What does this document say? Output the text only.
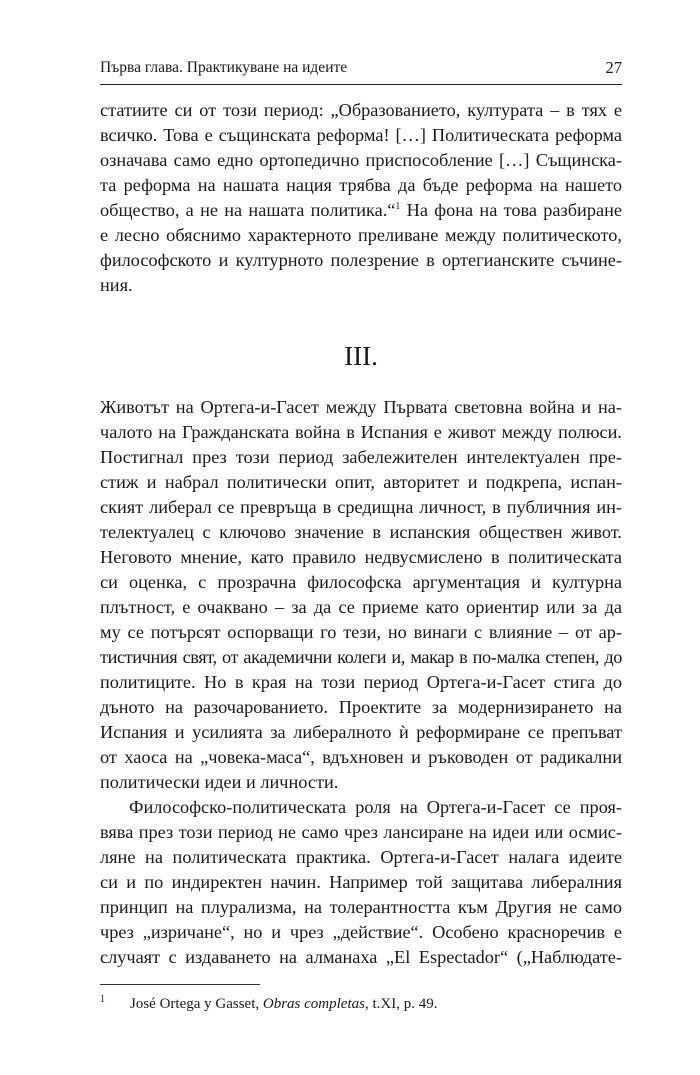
Първа глава. Практикуване на идеите	27
статиите си от този период: „Образованието, културата – в тях е
всичко. Това е същинската реформа! […] Политическата реформа
означава само едно ортопедично приспособление […] Същинска-
та реформа на нашата нация трябва да бъде реформа на нашето
общество, а не на нашата политика.“$^1$ На фона на това разбиране
е лесно обяснимо характерното преливане между политическото,
философското и културното полезрение в ортегианските съчине-
ния.
III.
Животът на Ортега-и-Гасет между Първата световна война и на-
чалото на Гражданската война в Испания е живот между полюси.
Постигнал през този период забележителен интелектуален пре-
стиж и набрал политически опит, авторитет и подкрепа, испан-
ският либерал се превръща в средищна личност, в публичния ин-
телектуалец с ключово значение в испанския обществен живот.
Неговото мнение, като правило недвусмислено в политическата
си оценка, с прозрачна философска аргументация и културна
плътност, е очаквано – за да се приеме като ориентир или за да
му се потърсят оспорващи го тези, но винаги с влияние – от ар-
тистичния свят, от академични колеги и, макар в по-малка степен, до
политиците. Но в края на този период Ортега-и-Гасет стига до
дъното на разочарованието. Проектите за модернизирането на
Испания и усилията за либералното ѝ реформиране се препъват
от хаоса на „човека-маса“, вдъхновен и ръководен от радикални
политически идеи и личности.
Философско-политическата роля на Ортега-и-Гасет се проя-
вява през този период не само чрез лансиране на идеи или осмис-
ляне на политическата практика. Ортега-и-Гасет налага идеите
си и по индиректен начин. Например той защитава либералния
принцип на плурализма, на толерантността към Другия не само
чрез „изричане“, но и чрез „действие“. Особено красноречив е
случаят с издаването на алманаха „El Espectador“ („Наблюдате-
1 José Ortega y Gasset, Obras completas, t.XI, p. 49.
